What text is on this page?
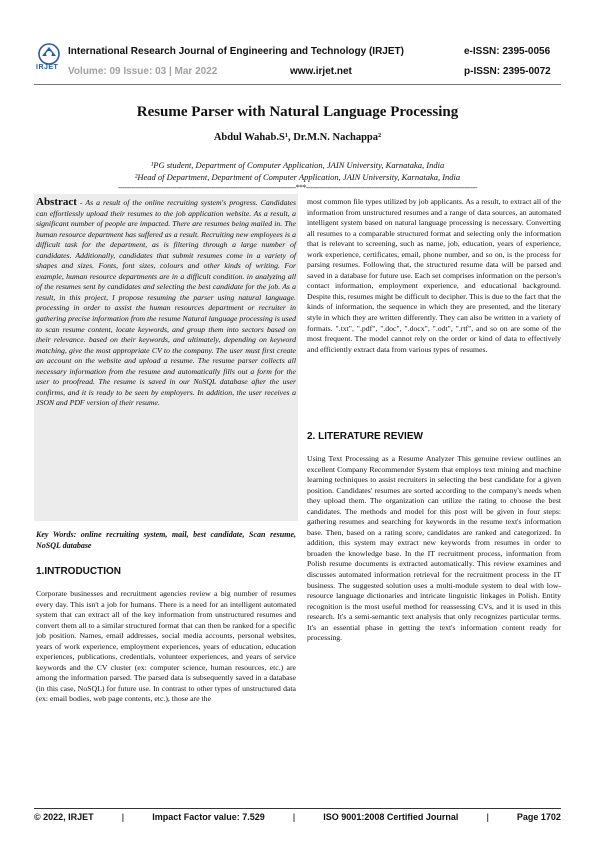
IRJET
International Research Journal of Engineering and Technology (IRJET)
Volume: 09 Issue: 03 | Mar 2022	www.irjet.net
e-ISSN: 2395-0056
p-ISSN: 2395-0072
Resume Parser with Natural Language Processing
Abdul Wahab.S¹, Dr.M.N. Nachappa²
¹PG student, Department of Computer Application, JAIN University, Karnataka, India
²Head of Department, Department of Computer Application, JAIN University, Karnataka, India
----------------------------------------------------------------------------------***-------------------------------------------------------------------------------
Abstract - As a result of the online recruiting system's progress. Candidates can effortlessly upload their resumes to the job application website. As a result, a significant number of people are impacted. There are resumes being mailed in. The human resource department has suffered as a result. Recruiting new employees is a difficult task for the department, as is filtering through a large number of candidates. Additionally, candidates that submit resumes come in a variety of shapes and sizes. Fonts, font sizes, colours and other kinds of writing. For example, human resource departments are in a difficult condition. in analyzing all of the resumes sent by candidates and selecting the best candidate for the job. As a result, in this project, I propose resuming the parser using natural language. processing in order to assist the human resources department or recruiter in gathering precise information from the resume Natural language processing is used to scan resume content, locate keywords, and group them into sectors based on their relevance. based on their keywords, and ultimately, depending on keyword matching, give the most appropriate CV to the company. The user must first create an account on the website and upload a resume. The resume parser collects all necessary information from the resume and automatically fills out a form for the user to proofread. The resume is saved in our NoSQL database after the user confirms, and it is ready to be seen by employers. In addition, the user receives a JSON and PDF version of their resume.
Key Words: online recruiting system, mail, best candidate, Scan resume, NoSQL database
1.INTRODUCTION
Corporate businesses and recruitment agencies review a big number of resumes every day. This isn't a job for humans. There is a need for an intelligent automated system that can extract all of the key information from unstructured resumes and convert them all to a similar structured format that can then be ranked for a specific job position. Names, email addresses, social media accounts, personal websites, years of work experience, employment experiences, years of education, education experiences, publications, credentials, volunteer experiences, and years of service keywords and the CV cluster (ex: computer science, human resources, etc.) are among the information parsed. The parsed data is subsequently saved in a database (in this case, NoSQL) for future use. In contrast to other types of unstructured data (ex: email bodies, web page contents, etc.), those are the
most common file types utilized by job applicants. As a result, to extract all of the information from unstructured resumes and a range of data sources, an automated intelligent system based on natural language processing is necessary. Converting all resumes to a comparable structured format and selecting only the information that is relevant to screening, such as name, job, education, years of experience, work experience, certificates, email, phone number, and so on, is the process for parsing resumes. Following that, the structured resume data will be parsed and saved in a database for future use. Each set comprises information on the person's contact information, employment experience, and educational background. Despite this, resumes might be difficult to decipher. This is due to the fact that the kinds of information, the sequence in which they are presented, and the literary style in which they are written differently. They can also be written in a variety of formats. ".txt", ".pdf", ".doc", ".docx", ".odt", ".rtf", and so on are some of the most frequent. The model cannot rely on the order or kind of data to effectively and efficiently extract data from various types of resumes.
2. LITERATURE REVIEW
Using Text Processing as a Resume Analyzer This genuine review outlines an excellent Company Recommender System that employs text mining and machine learning techniques to assist recruiters in selecting the best candidate for a given position. Candidates' resumes are sorted according to the company's needs when they upload them. The organization can utilize the rating to choose the best candidates. The methods and model for this post will be given in four steps: gathering resumes and searching for keywords in the resume text's information base. Then, based on a rating score, candidates are ranked and categorized. In addition, this system may extract new keywords from resumes in order to broaden the knowledge base. In the IT recruitment process, information from Polish resume documents is extracted automatically. This review examines and discusses automated information retrieval for the recruitment process in the IT business. The suggested solution uses a multi-module system to deal with low-resource language dictionaries and intricate linguistic linkages in Polish. Entity recognition is the most useful method for reassessing CVs, and it is used in this research. It's a semi-semantic text analysis that only recognizes particular terms. It's an essential phase in getting the text's information content ready for processing.
© 2022, IRJET	|	Impact Factor value: 7.529	|	ISO 9001:2008 Certified Journal	|	Page 1702
